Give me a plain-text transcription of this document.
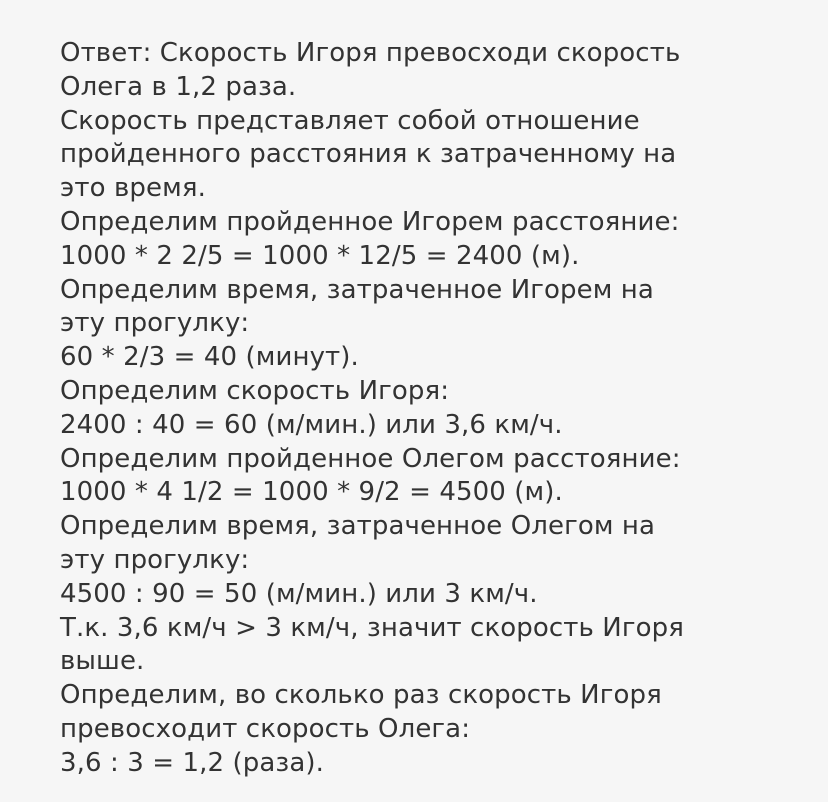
Ответ: Скорость Игоря превосходи скорость
Олега в 1,2 раза.
Скорость представляет собой отношение
пройденного расстояния к затраченному на
это время.
Определим пройденное Игорем расстояние:
1000 * 2 2/5 = 1000 * 12/5 = 2400 (м).
Определим время, затраченное Игорем на
эту прогулку:
60 * 2/3 = 40 (минут).
Определим скорость Игоря:
2400 : 40 = 60 (м/мин.) или 3,6 км/ч.
Определим пройденное Олегом расстояние:
1000 * 4 1/2 = 1000 * 9/2 = 4500 (м).
Определим время, затраченное Олегом на
эту прогулку:
4500 : 90 = 50 (м/мин.) или 3 км/ч.
Т.к. 3,6 км/ч > 3 км/ч, значит скорость Игоря
выше.
Определим, во сколько раз скорость Игоря
превосходит скорость Олега:
3,6 : 3 = 1,2 (раза).
